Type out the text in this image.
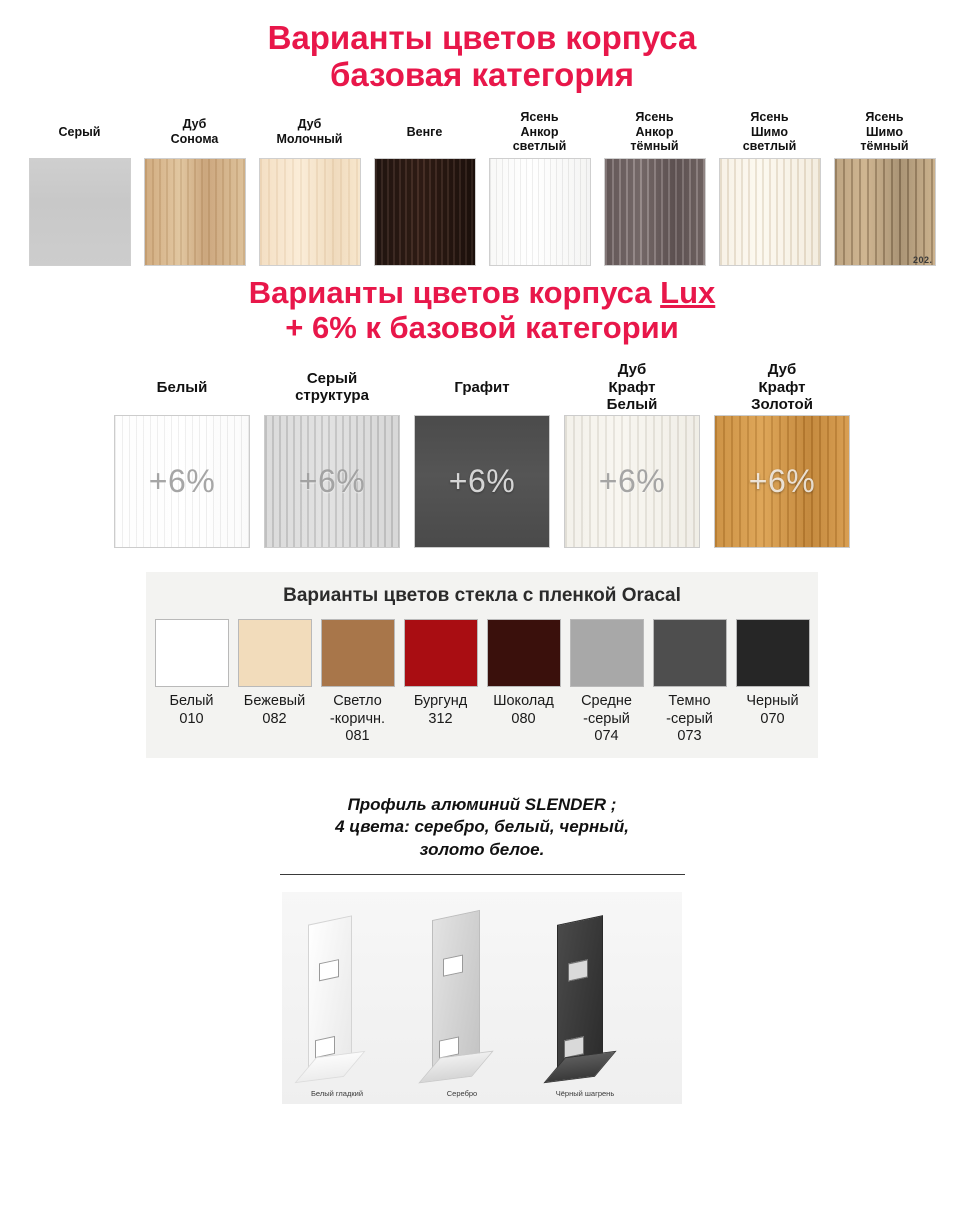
Варианты цветов корпуса
базовая категория
Серый
Дуб
Сонома
Дуб
Молочный
Венге
Ясень
Анкор
светлый
Ясень
Анкор
тёмный
Ясень
Шимо
светлый
Ясень
Шимо
тёмный
202.
Варианты цветов корпуса Lux
+ 6% к базовой категории
Белый
+6%
Серый
структура
+6%
Графит
+6%
Дуб
Крафт
Белый
+6%
Дуб
Крафт
Золотой
+6%
Варианты цветов стекла с пленкой Oracal
Белый
010
Бежевый
082
Светло
-коричн.
081
Бургунд
312
Шоколад
080
Средне
-серый
074
Темно
-серый
073
Черный
070
Профиль алюминий SLENDER ;
4 цвета: серебро, белый, черный,
золото белое.
Белый гладкий	Серебро	Чёрный шагрень
